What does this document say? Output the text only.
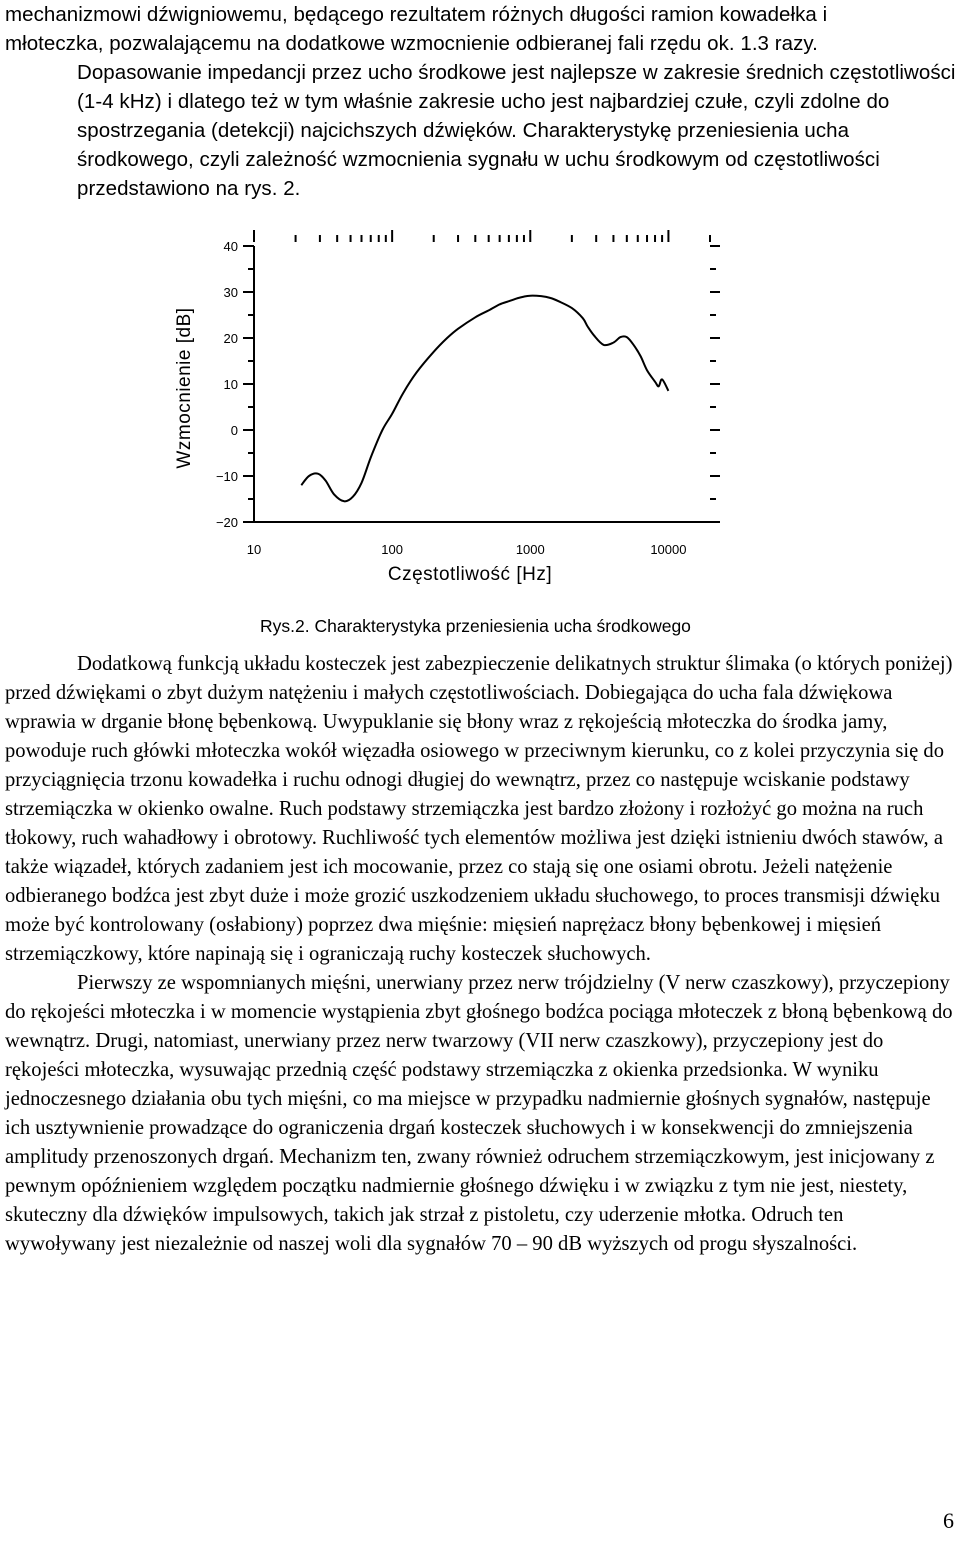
mechanizmowi dźwigniowemu, będącego rezultatem różnych długości ramion kowadełka i

młoteczka, pozwalającemu na dodatkowe wzmocnienie odbieranej fali rzędu ok. 1.3 razy.

Dopasowanie impedancji przez ucho środkowe jest najlepsze w zakresie średnich częstotliwości (1-4 kHz) i dlatego też w tym właśnie zakresie ucho jest najbardziej czułe, czyli zdolne do spostrzegania (detekcji) najcichszych dźwięków. Charakterystykę przeniesienia ucha środkowego, czyli zależność wzmocnienia sygnału w uchu środkowym od częstotliwości przedstawiono na rys. 2.

40
30
20
10
0
−10
−20
10	100	1000	10000
Częstotliwość [Hz]
Wzmocnienie [dB]
Rys.2. Charakterystyka przeniesienia ucha środkowego

Dodatkową funkcją układu kosteczek jest zabezpieczenie delikatnych struktur ślimaka (o których poniżej) przed dźwiękami o zbyt dużym natężeniu i małych częstotliwościach. Dobiegająca do ucha fala dźwiękowa wprawia w drganie błonę bębenkową. Uwypuklanie się błony wraz z rękojeścią młoteczka do środka jamy, powoduje ruch główki młoteczka wokół więzadła osiowego w przeciwnym kierunku, co z kolei przyczynia się do przyciągnięcia trzonu kowadełka i ruchu odnogi długiej do wewnątrz, przez co następuje wciskanie podstawy strzemiączka w okienko owalne. Ruch podstawy strzemiączka jest bardzo złożony i rozłożyć go można na ruch tłokowy, ruch wahadłowy i obrotowy. Ruchliwość tych elementów możliwa jest dzięki istnieniu dwóch stawów, a także wiązadeł, których zadaniem jest ich mocowanie, przez co stają się one osiami obrotu. Jeżeli natężenie odbieranego bodźca jest zbyt duże i może grozić uszkodzeniem układu słuchowego, to proces transmisji dźwięku może być kontrolowany (osłabiony) poprzez dwa mięśnie: mięsień naprężacz błony bębenkowej i mięsień strzemiączkowy, które napinają się i ograniczają ruchy kosteczek słuchowych.

Pierwszy ze wspomnianych mięśni, unerwiany przez nerw trójdzielny (V nerw czaszkowy), przyczepiony do rękojeści młoteczka i w momencie wystąpienia zbyt głośnego bodźca pociąga młoteczek z błoną bębenkową do wewnątrz. Drugi, natomiast, unerwiany przez nerw twarzowy (VII nerw czaszkowy), przyczepiony jest do rękojeści młoteczka, wysuwając przednią część podstawy strzemiączka z okienka przedsionka. W wyniku jednoczesnego działania obu tych mięśni, co ma miejsce w przypadku nadmiernie głośnych sygnałów, następuje ich usztywnienie prowadzące do ograniczenia drgań kosteczek słuchowych i w konsekwencji do zmniejszenia amplitudy przenoszonych drgań. Mechanizm ten, zwany również odruchem strzemiączkowym, jest inicjowany z pewnym opóźnieniem względem początku nadmiernie głośnego dźwięku i w związku z tym nie jest, niestety, skuteczny dla dźwięków impulsowych, takich jak strzał z pistoletu, czy uderzenie młotka. Odruch ten wywoływany jest niezależnie od naszej woli dla sygnałów 70 – 90 dB wyższych od progu słyszalności.

6
